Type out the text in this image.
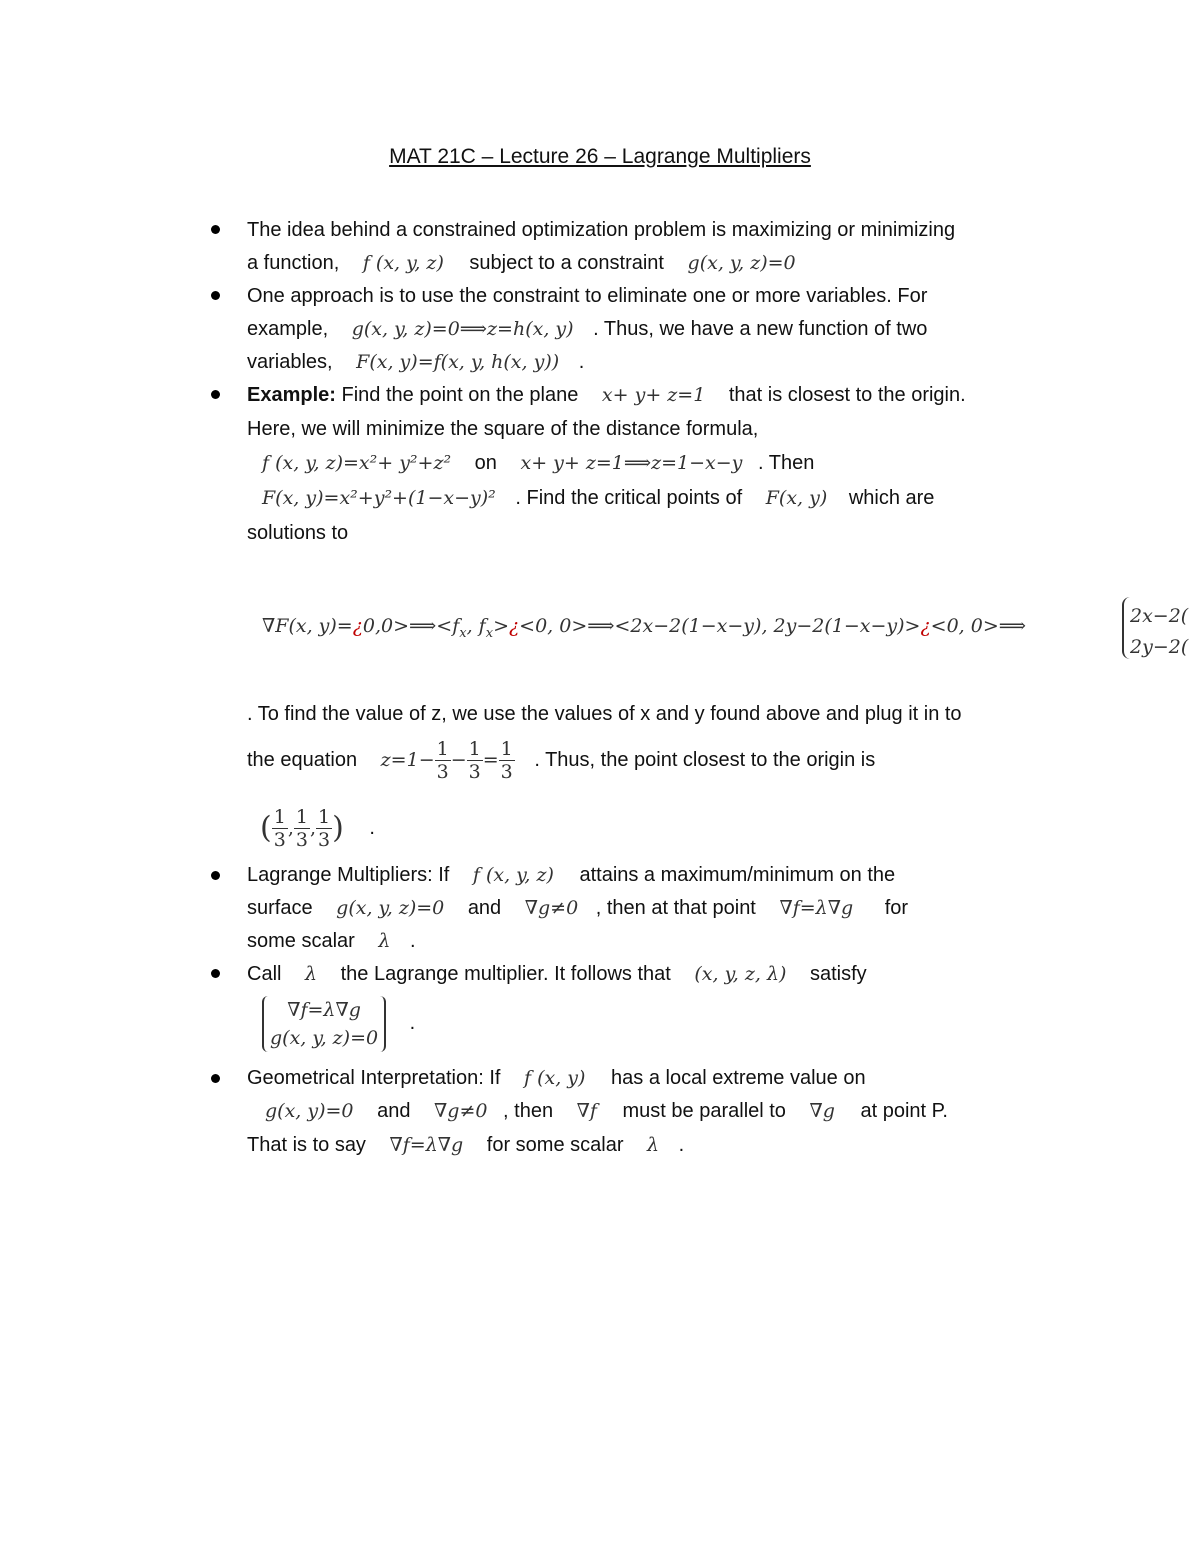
MAT 21C – Lecture 26 – Lagrange Multipliers
The idea behind a constrained optimization problem is maximizing or minimizing
a function, f (x, y, z) subject to a constraint g(x, y, z)=0
One approach is to use the constraint to eliminate one or more variables. For
example, g(x, y, z)=0⟹z=h(x, y) . Thus, we have a new function of two
variables, F(x, y)=f(x, y, h(x, y)) .
Example: Find the point on the plane x+ y+ z=1 that is closest to the origin.
Here, we will minimize the square of the distance formula,
f (x, y, z)=x²+ y²+z² on x+ y+ z=1⟹z=1−x−y . Then
F(x, y)=x²+y²+(1−x−y)² . Find the critical points of F(x, y) which are
solutions to
∇F(x, $y)=¿0,0>⟹<f_x$, $f_x>¿<0$, 0>⟹<2x−2(1−x−y), 2y−2(1−x−y)>¿<0, 0>⟹	2x−2(
2y−2(
. To find the value of z, we use the values of x and y found above and plug it in to
the equation $z=1- \frac{1}{3} - \frac{1}{3} = \frac{1}{3}$ . Thus, the point closest to the origin is
( $\frac{1}{3}$ , $\frac{1}{3}$ , $\frac{1}{3}$ ) .
Lagrange Multipliers: If f (x, y, z) attains a maximum/minimum on the
surface g(x, y, z)=0 and ∇g≠0 , then at that point ∇f=λ∇g for
some scalar λ .
Call λ the Lagrange multiplier. It follows that (x, y, z, λ) satisfy
∇f=λ∇g
g(x, y, z)=0
.
Geometrical Interpretation: If f (x, y) has a local extreme value on
g(x, y)=0 and ∇g≠0 , then ∇f must be parallel to ∇g at point P.
That is to say ∇f=λ∇g for some scalar λ .
